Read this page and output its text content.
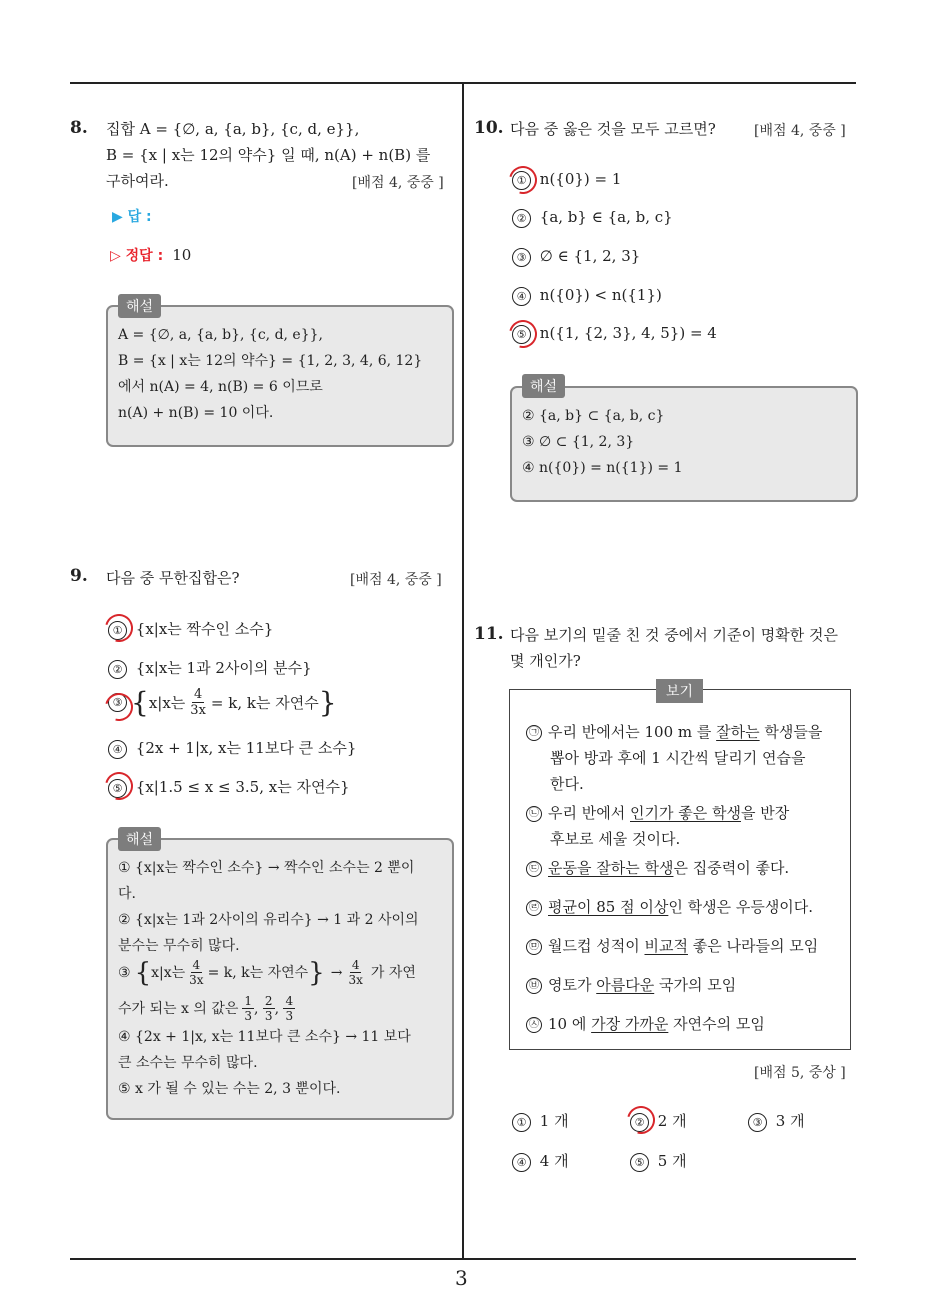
3
8. 집합 A = {∅, a, {a, b}, {c, d, e}},
B = {x | x는 12의 약수} 일 때, n(A) + n(B) 를
구하여라.	[배점 4, 중중 ]
▶ 답 :
▷ 정답 : 10
해설
A = {∅, a, {a, b}, {c, d, e}},
B = {x | x는 12의 약수} = {1, 2, 3, 4, 6, 12}
에서 n(A) = 4, n(B) = 6 이므로
n(A) + n(B) = 10 이다.
9. 다음 중 무한집합은?	[배점 4, 중중 ]
① {x|x는 짝수인 소수}
② {x|x는 1과 2사이의 분수}
③ { x|x는 $\frac{4}{3x} = k$, k는 자연수 }
④ {2x + 1|x, x는 11보다 큰 소수}
⑤ {x|1.5 ≤ x ≤ 3.5, x는 자연수}
해설
① {x|x는 짝수인 소수} → 짝수인 소수는 2 뿐이
다.
② {x|x는 1과 2사이의 유리수} → 1 과 2 사이의
분수는 무수히 많다.
③ { x|x는 $\frac{4}{3x} = k$, k는 자연수 } → 4
3x 가 자연
수가 되는 x 의 값은 1
3 , 2
3 , 4
3
④ {2x + 1|x, x는 11보다 큰 소수} → 11 보다
큰 소수는 무수히 많다.
⑤ x 가 될 수 있는 수는 2, 3 뿐이다.
10. 다음 중 옳은 것을 모두 고르면?	[배점 4, 중중 ]
① n({0}) = 1
② {a, b} ∈ {a, b, c}
③ ∅ ∈ {1, 2, 3}
④ n({0}) < n({1})
⑤ n({1, {2, 3}, 4, 5}) = 4
해설
② {a, b} ⊂ {a, b, c}
③ ∅ ⊂ {1, 2, 3}
④ n({0}) = n({1}) = 1
11. 다음 보기의 밑줄 친 것 중에서 기준이 명확한 것은
몇 개인가?
보기
㉠ 우리 반에서는 100 m 를 잘하는 학생들을
뽑아 방과 후에 1 시간씩 달리기 연습을
한다.
㉡ 우리 반에서 인기가 좋은 학생을 반장
후보로 세울 것이다.
㉢ 운동을 잘하는 학생은 집중력이 좋다.
㉣ 평균이 85 점 이상인 학생은 우등생이다.
㉤ 월드컵 성적이 비교적 좋은 나라들의 모임
㉥ 영토가 아름다운 국가의 모임
㉦ 10 에 가장 가까운 자연수의 모임
[배점 5, 중상 ]
① 1 개	② 2 개	③ 3 개
④ 4 개	⑤ 5 개
